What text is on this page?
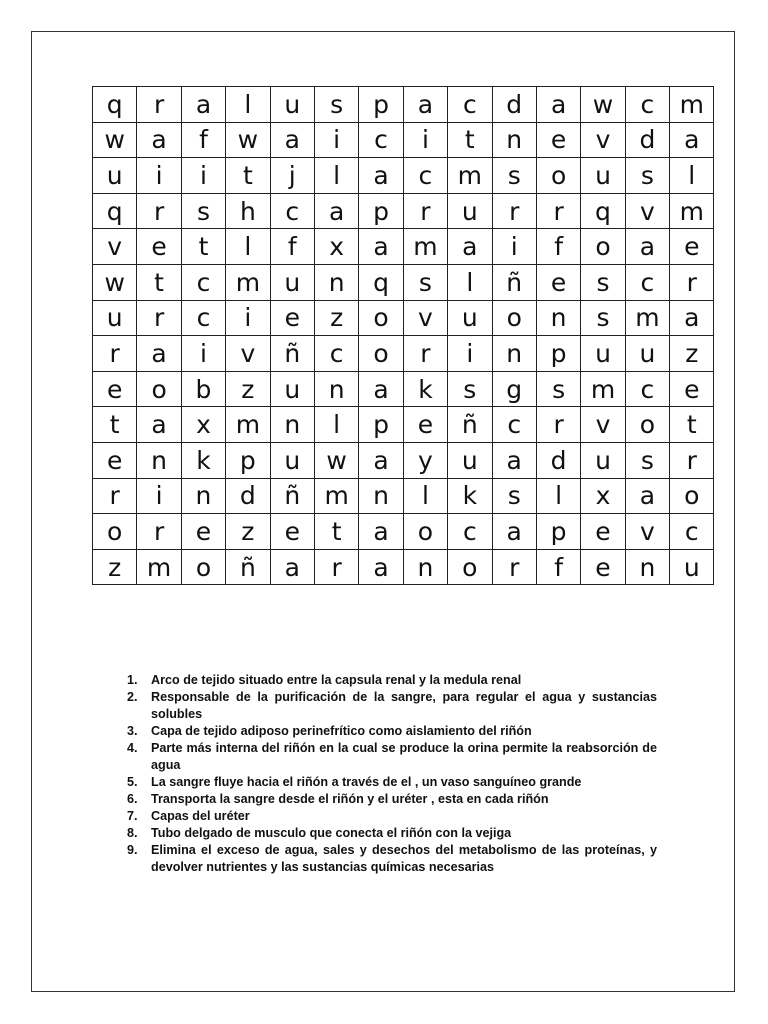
q	r	a	l	u	s	p	a	c	d	a	w	c	m
w	a	f	w	a	i	c	i	t	n	e	v	d	a
u	i	i	t	j	l	a	c	m	s	o	u	s	l
q	r	s	h	c	a	p	r	u	r	r	q	v	m
v	e	t	l	f	x	a	m	a	i	f	o	a	e
w	t	c	m	u	n	q	s	l	ñ	e	s	c	r
u	r	c	i	e	z	o	v	u	o	n	s	m	a
r	a	i	v	ñ	c	o	r	i	n	p	u	u	z
e	o	b	z	u	n	a	k	s	g	s	m	c	e
t	a	x	m	n	l	p	e	ñ	c	r	v	o	t
e	n	k	p	u	w	a	y	u	a	d	u	s	r
r	i	n	d	ñ	m	n	l	k	s	l	x	a	o
o	r	e	z	e	t	a	o	c	a	p	e	v	c
z	m	o	ñ	a	r	a	n	o	r	f	e	n	u
1. Arco de tejido situado entre la capsula renal y la medula renal
2. Responsable de la purificación de la sangre, para regular el agua y sustancias solubles
3. Capa de tejido adiposo perinefrítico como aislamiento del riñón
4. Parte más interna del riñón en la cual se produce la orina permite la reabsorción de agua
5. La sangre fluye hacia el riñón a través de el , un vaso sanguíneo grande
6. Transporta la sangre desde el riñón y el uréter , esta en cada riñón
7. Capas del uréter
8. Tubo delgado de musculo que conecta el riñón con la vejiga
9. Elimina el exceso de agua, sales y desechos del metabolismo de las proteínas, y devolver nutrientes y las sustancias químicas necesarias
